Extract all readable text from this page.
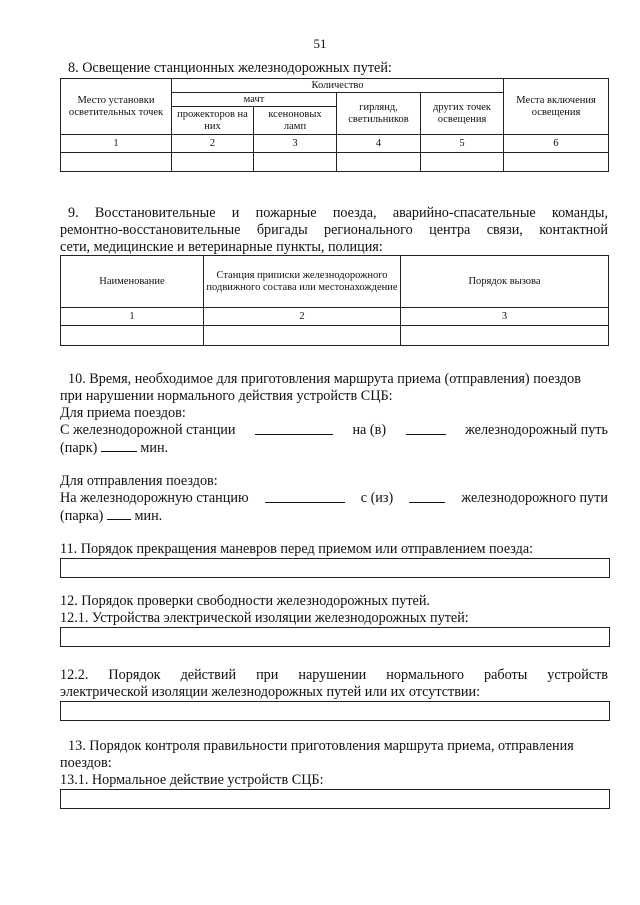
51
8. Освещение станционных железнодорожных путей:
Место установки осветительных точек	Количество				Места включения освещения
	мачт		гирлянд, светильников	других точек освещения	
	прожекторов на них	ксеноновых ламп			
1	2	3	4	5	6

9. Восстановительные и пожарные поезда, аварийно-спасательные команды,
ремонтно-восстановительные бригады регионального центра связи, контактной
сети, медицинские и ветеринарные пункты, полиция:
Наименование	Станция приписки железнодорожного подвижного состава или местонахождение	Порядок вызова
1	2	3

10. Время, необходимое для приготовления маршрута приема (отправления) поездов
при нарушении нормального действия устройств СЦБ:
Для приема поездов:
С железнодорожной станции	на (в)	железнодорожный путь
(парк)	мин.
Для отправления поездов:
На железнодорожную станцию	с (из)	железнодорожного пути
(парка) мин.
11. Порядок прекращения маневров перед приемом или отправлением поезда:
12. Порядок проверки свободности железнодорожных путей.
12.1. Устройства электрической изоляции железнодорожных путей:
12.2. Порядок действий при нарушении нормального работы устройств
электрической изоляции железнодорожных путей или их отсутствии:
13. Порядок контроля правильности приготовления маршрута приема, отправления
поездов:
13.1. Нормальное действие устройств СЦБ:
